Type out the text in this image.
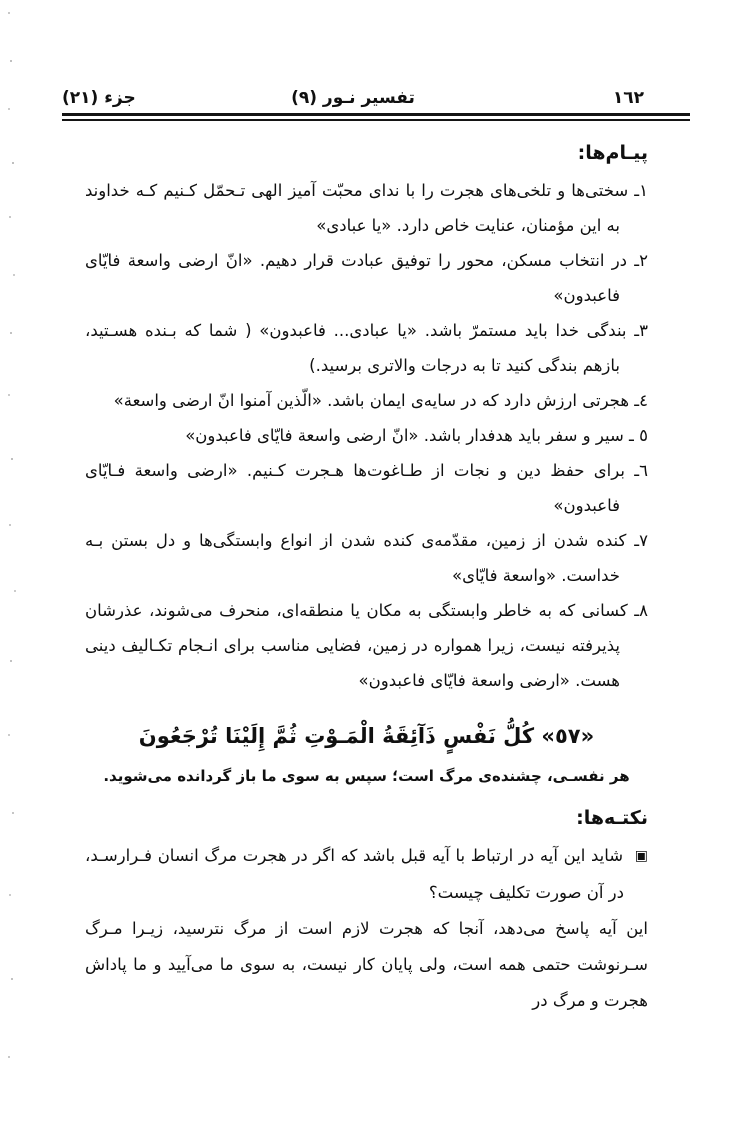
١٦٢
تفسیر نـور (٩)
جزء (٢١)
پیـام‌ها:
١ـ سختی‌ها و تلخی‌های هجرت را با ندای محبّت آمیز الهی تـحمّل کـنیم کـه خداوند به این مؤمنان، عنایت خاص دارد. «یا عبادی»
٢ـ در انتخاب مسکن، محور را توفیق عبادت قرار دهیم. «انّ ارضی واسعة فایّای فاعبدون»
٣ـ بندگی خدا باید مستمرّ باشد. «یا عبادی... فاعبدون» ( شما که بـنده هسـتید، بازهم بندگی کنید تا به درجات والاتری برسید.)
٤ـ هجرتی ارزش دارد که در سایه‌ی ایمان باشد. «الّذین آمنوا انّ ارضی واسعة»
٥ ـ سیر و سفر باید هدفدار باشد. «انّ ارضی واسعة فایّای فاعبدون»
٦ـ برای حفظ دین و نجات از طـاغوت‌ها هـجرت کـنیم. «ارضی واسعة فـایّای فاعبدون»
٧ـ کنده شدن از زمین، مقدّمه‌ی کنده شدن از انواع وابستگی‌ها و دل بستن بـه خداست. «واسعة فایّای»
٨ـ کسانی که به خاطر وابستگی به مکان یا منطقه‌ای، منحرف می‌شوند، عذرشان پذیرفته نیست، زیرا همواره در زمین، فضایی مناسب برای انـجام تکـالیف دینی هست. «ارضی واسعة فایّای فاعبدون»
«٥٧» كُلُّ نَفْسٍ ذَآئِقَةُ الْمَـوْتِ ثُمَّ إِلَيْنَا تُرْجَعُونَ
هر نفسـی، چشنده‌ی مرگ است؛ سپس به سوی ما باز گردانده می‌شوید.
نکتـه‌ها:
▣ شاید این آیه در ارتباط با آیه قبل باشد که اگر در هجرت مرگ انسان فـرارسـد، در آن صورت تکلیف چیست؟
این آیه پاسخ می‌دهد، آنجا که هجرت لازم است از مرگ نترسید، زیـرا مـرگ سـرنوشت حتمی همه است، ولی پایان کار نیست، به سوی ما می‌آیید و ما پاداش هجرت و مرگ در
